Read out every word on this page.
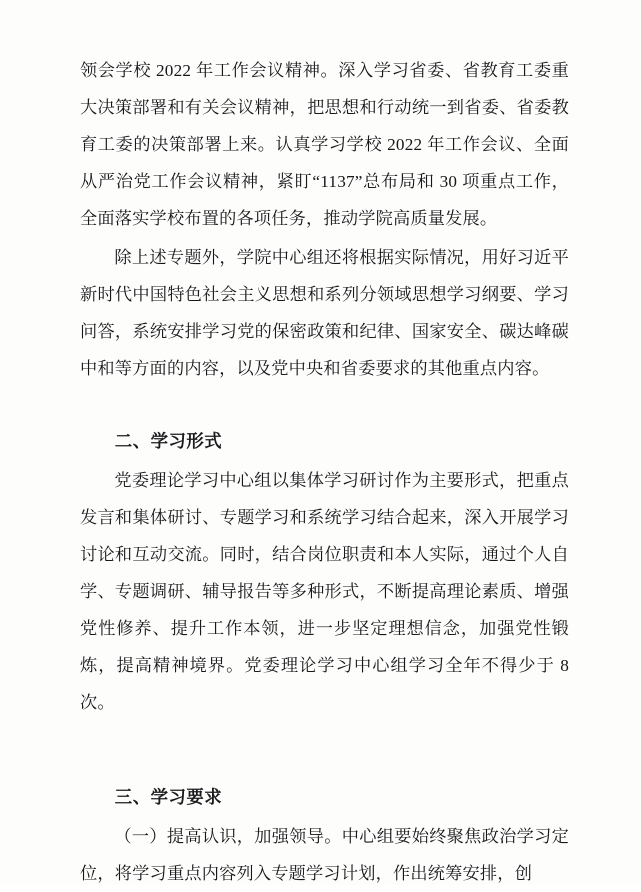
领会学校 2022 年工作会议精神。深入学习省委、省教育工委重大决策部署和有关会议精神，把思想和行动统一到省委、省委教育工委的决策部署上来。认真学习学校 2022 年工作会议、全面从严治党工作会议精神，紧盯“1137”总布局和 30 项重点工作，全面落实学校布置的各项任务，推动学院高质量发展。

除上述专题外，学院中心组还将根据实际情况，用好习近平新时代中国特色社会主义思想和系列分领域思想学习纲要、学习问答，系统安排学习党的保密政策和纪律、国家安全、碳达峰碳中和等方面的内容，以及党中央和省委要求的其他重点内容。

二、学习形式

党委理论学习中心组以集体学习研讨作为主要形式，把重点发言和集体研讨、专题学习和系统学习结合起来，深入开展学习讨论和互动交流。同时，结合岗位职责和本人实际，通过个人自学、专题调研、辅导报告等多种形式，不断提高理论素质、增强党性修养、提升工作本领，进一步坚定理想信念，加强党性锻炼，提高精神境界。党委理论学习中心组学习全年不得少于 8 次。

三、学习要求

（一）提高认识，加强领导。中心组要始终聚焦政治学习定位，将学习重点内容列入专题学习计划，作出统筹安排，创
